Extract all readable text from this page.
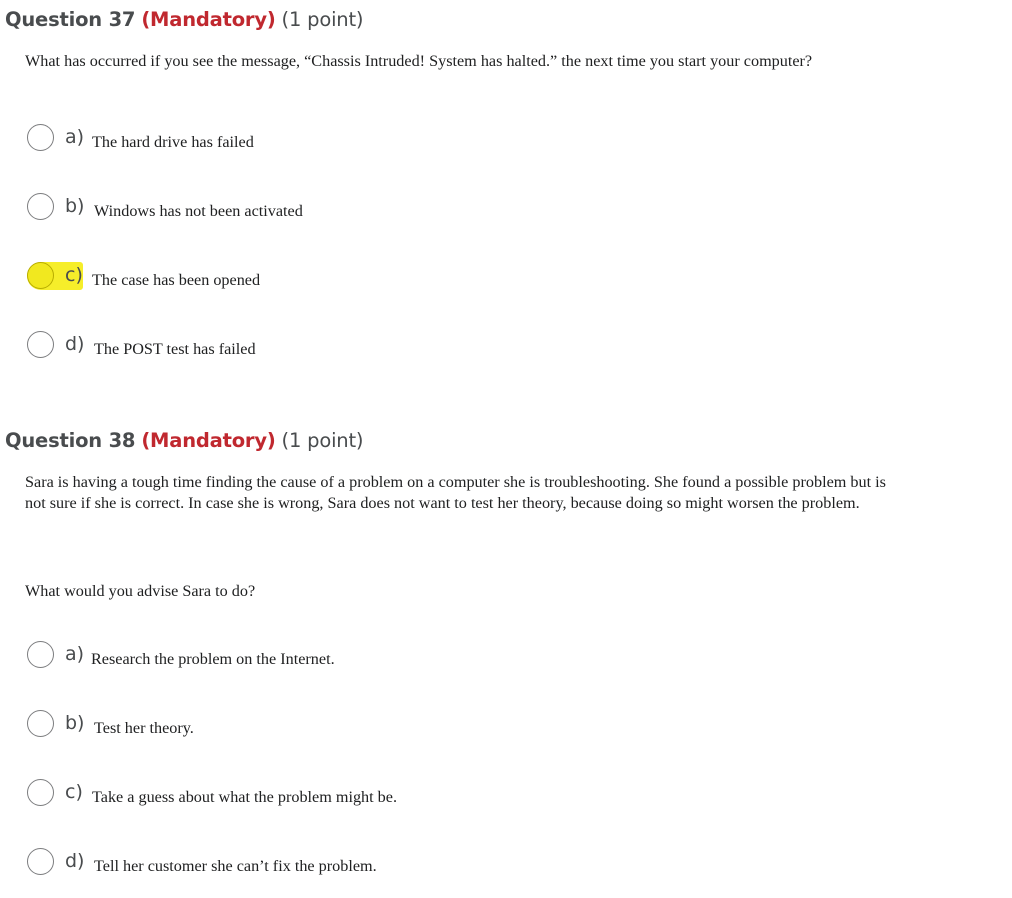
Question 37 (Mandatory) (1 point)

What has occurred if you see the message, “Chassis Intruded! System has halted.” the next time you start your computer?

a) The hard drive has failed
b) Windows has not been activated
c) The case has been opened
d) The POST test has failed
Question 38 (Mandatory) (1 point)

Sara is having a tough time finding the cause of a problem on a computer she is troubleshooting. She found a possible problem but is not sure if she is correct. In case she is wrong, Sara does not want to test her theory, because doing so might worsen the problem.

What would you advise Sara to do?

a) Research the problem on the Internet.
b) Test her theory.
c) Take a guess about what the problem might be.
d) Tell her customer she can’t fix the problem.
